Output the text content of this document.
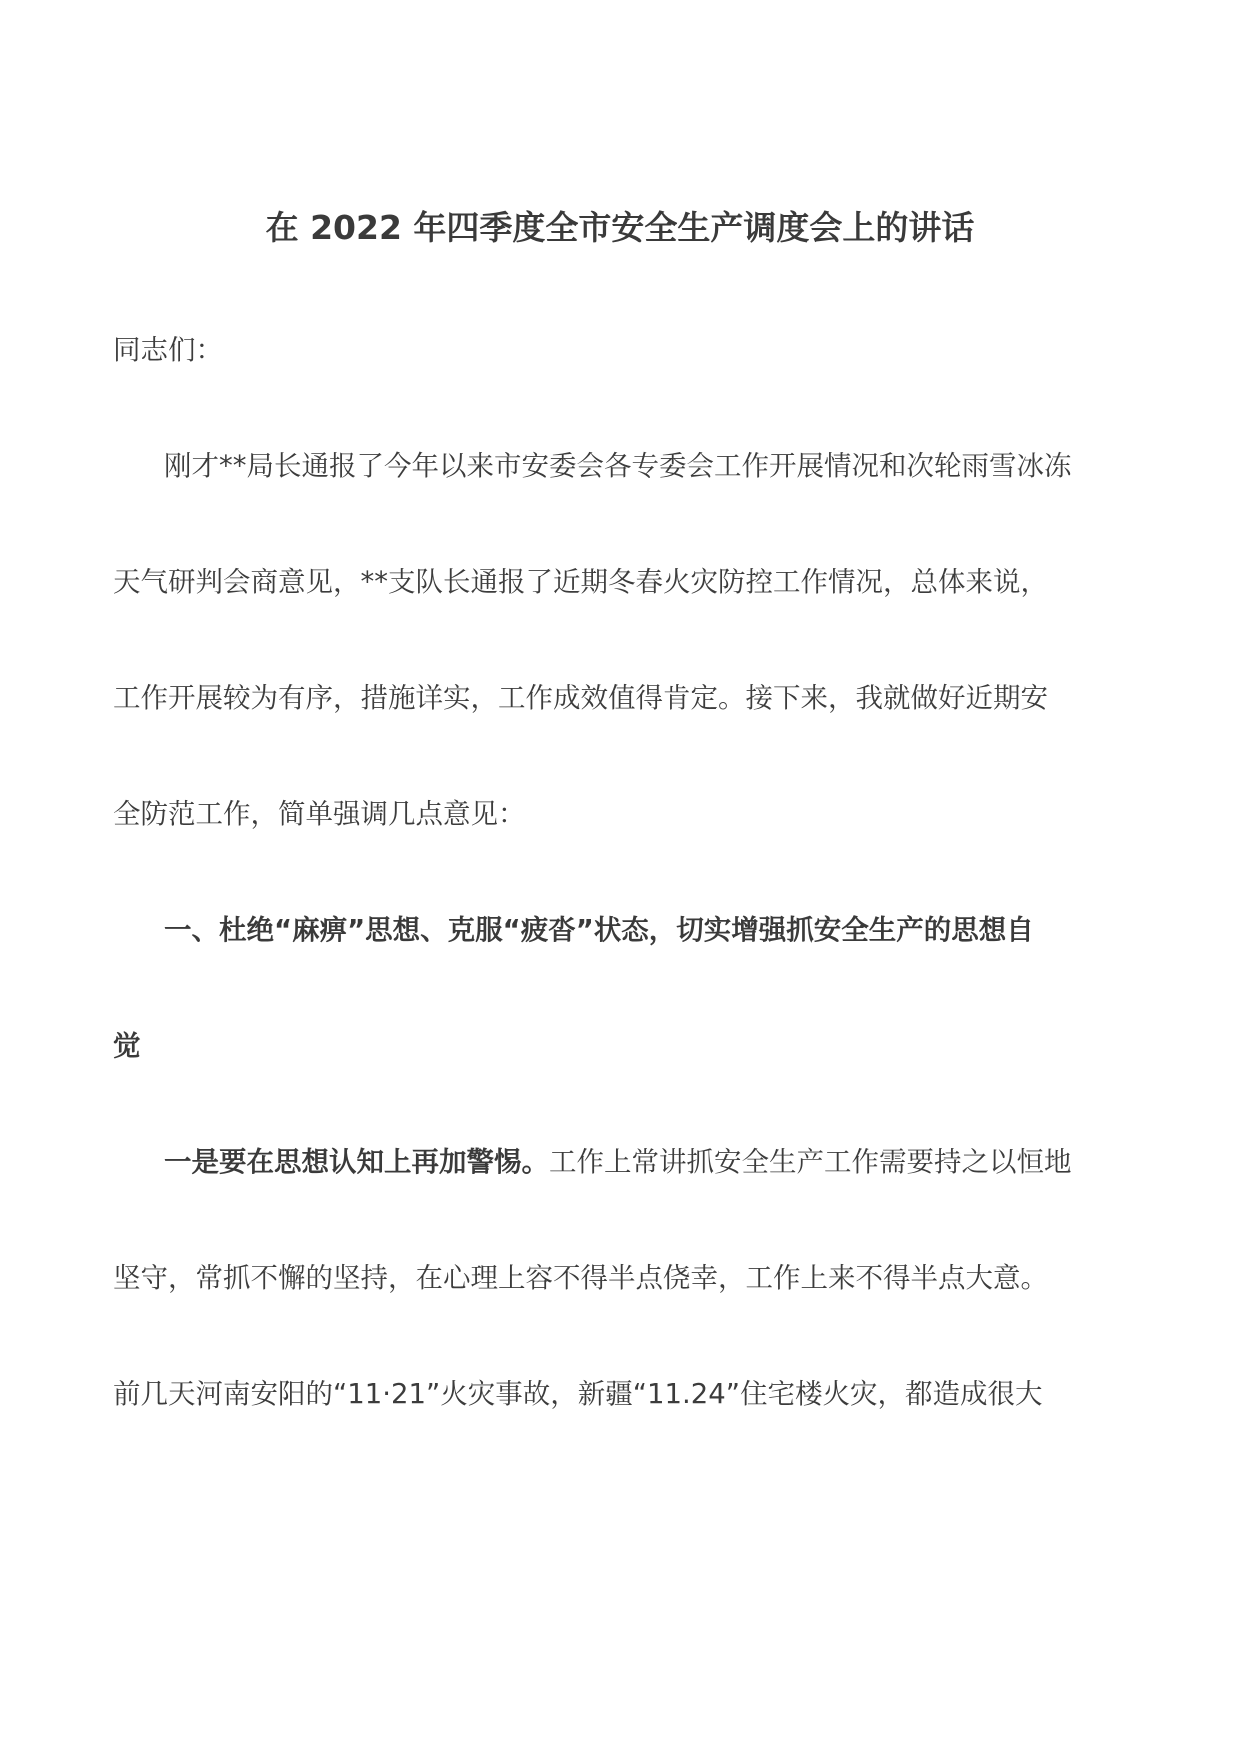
在 2022 年四季度全市安全生产调度会上的讲话

同志们：

刚才**局长通报了今年以来市安委会各专委会工作开展情况和次轮雨雪冰冻

天气研判会商意见，**支队长通报了近期冬春火灾防控工作情况，总体来说，

工作开展较为有序，措施详实，工作成效值得肯定。接下来，我就做好近期安

全防范工作，简单强调几点意见：

一、杜绝“麻痹”思想、克服“疲沓”状态，切实增强抓安全生产的思想自

觉

一是要在思想认知上再加警惕。工作上常讲抓安全生产工作需要持之以恒地

坚守，常抓不懈的坚持，在心理上容不得半点侥幸，工作上来不得半点大意。

前几天河南安阳的“11·21”火灾事故，新疆“11.24”住宅楼火灾，都造成很大
